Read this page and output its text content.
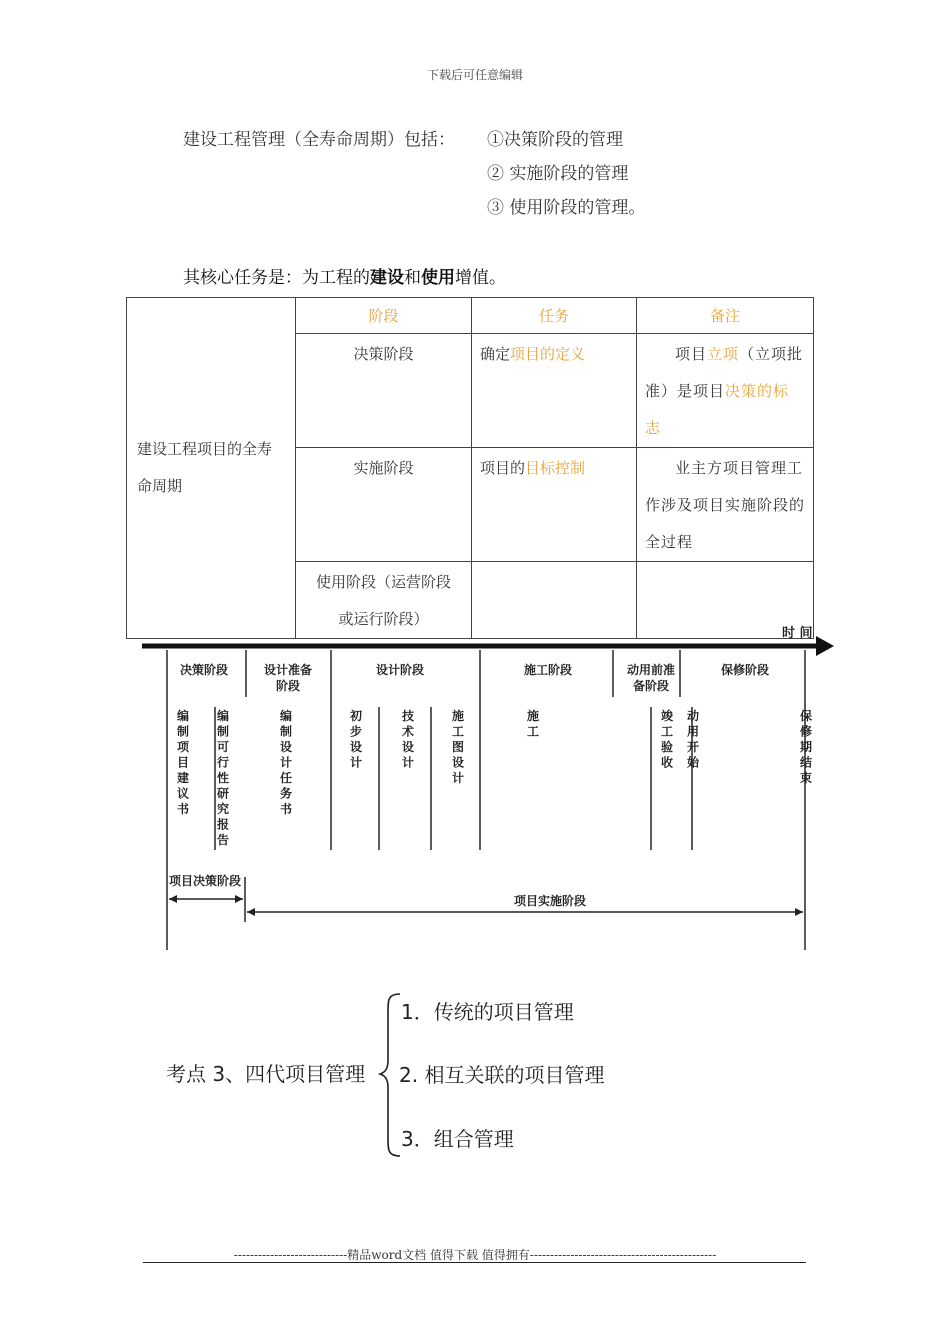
下载后可任意编辑
建设工程管理（全寿命周期）包括： ①决策阶段的管理
② 实施阶段的管理
③ 使用阶段的管理。
其核心任务是：为工程的建设和使用增值。
建设工程项目的全寿命周期	阶段	任务	备注

	决策阶段	确定项目的定义	项目立项（立项批准）是项目决策的标志

	实施阶段	项目的目标控制	业主方项目管理工作涉及项目实施阶段的全过程

	使用阶段（运营阶段或运行阶段）		

时 间
决策阶段	设计准备阶段
设计阶段	施工阶段	动用前准备阶段
保修阶段
编制项目建议书
编制可行性研究报告
编制设计任务书
初步设计
技术设计
施工图设计
施工
竣工验收
动用开始
保修期结束
项目决策阶段
项目实施阶段
考点 3、四代项目管理
1．传统的项目管理
2. 相互关联的项目管理
3．组合管理
----------------------------精品word文档 值得下载 值得拥有----------------------------------------------
